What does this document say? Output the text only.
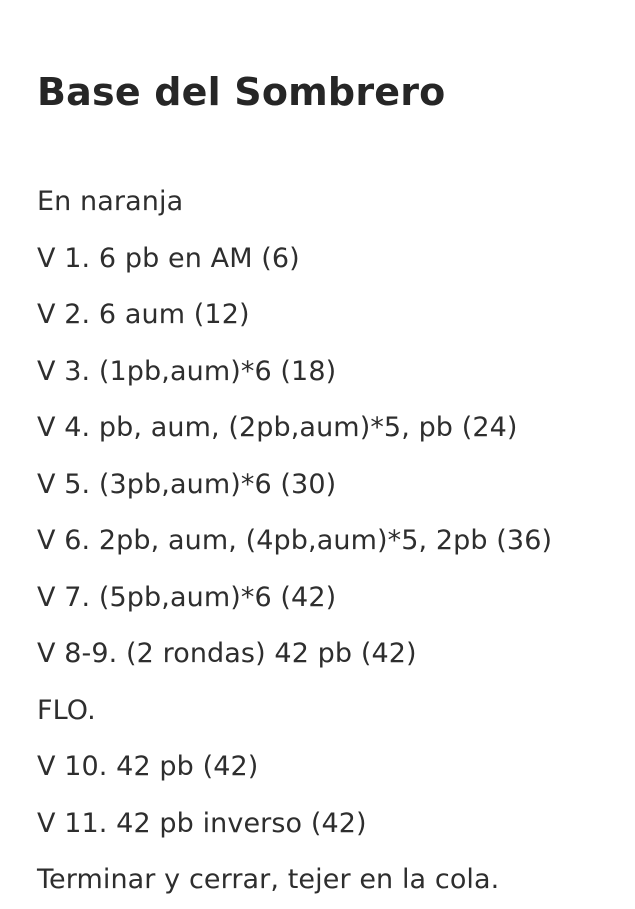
Base del Sombrero
En naranja
V 1. 6 pb en AM (6)
V 2. 6 aum (12)
V 3. (1pb,aum)*6 (18)
V 4. pb, aum, (2pb,aum)*5, pb (24)
V 5. (3pb,aum)*6 (30)
V 6. 2pb, aum, (4pb,aum)*5, 2pb (36)
V 7. (5pb,aum)*6 (42)
V 8-9. (2 rondas) 42 pb (42)
FLO.
V 10. 42 pb (42)
V 11. 42 pb inverso (42)
Terminar y cerrar, tejer en la cola.
